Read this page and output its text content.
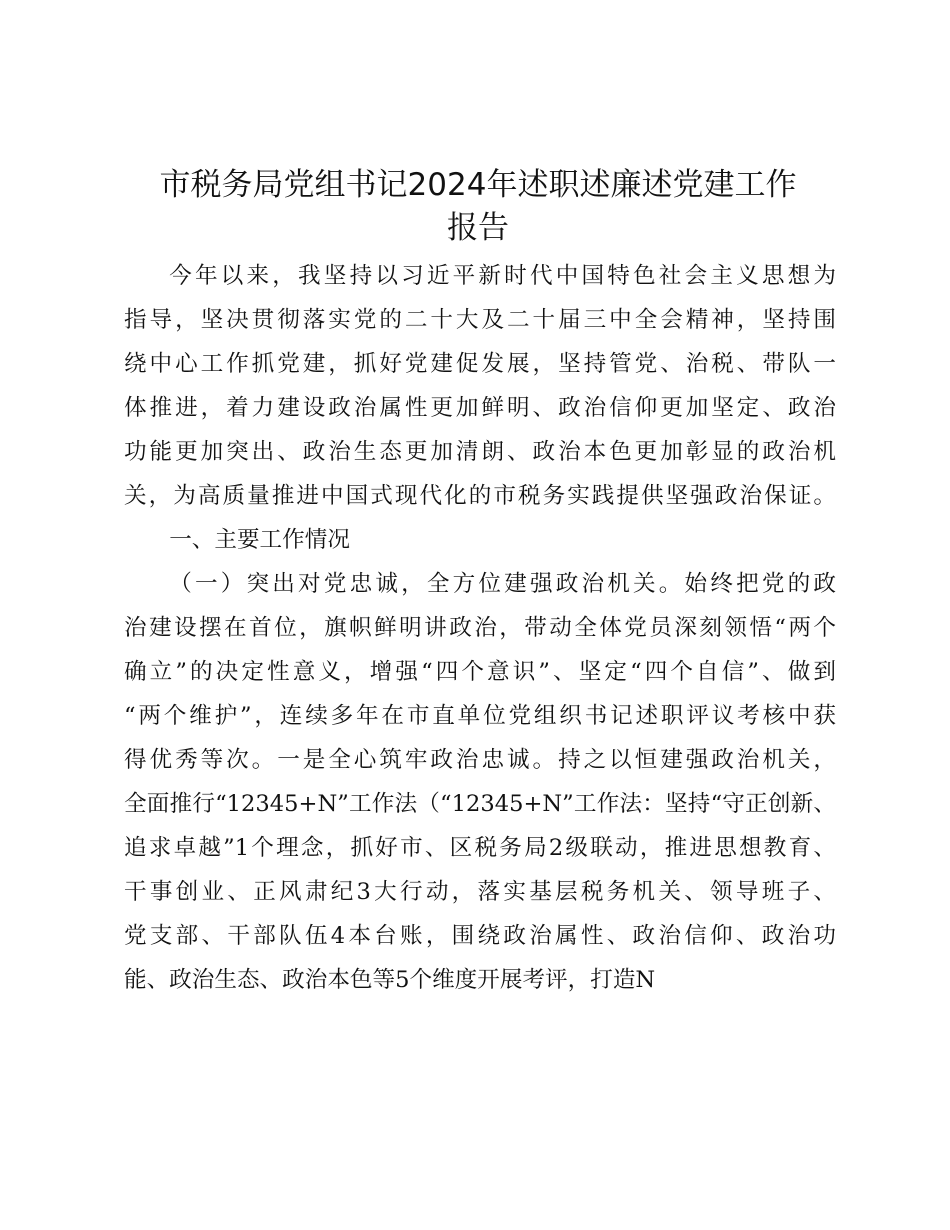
市税务局党组书记2024年述职述廉述党建工作
报告
今年以来，我坚持以习近平新时代中国特色社会主义思想为
指导，坚决贯彻落实党的二十大及二十届三中全会精神，坚持围
绕中心工作抓党建，抓好党建促发展，坚持管党、治税、带队一
体推进，着力建设政治属性更加鲜明、政治信仰更加坚定、政治
功能更加突出、政治生态更加清朗、政治本色更加彰显的政治机
关，为高质量推进中国式现代化的市税务实践提供坚强政治保证。
一、主要工作情况
（一）突出对党忠诚，全方位建强政治机关。始终把党的政
治建设摆在首位，旗帜鲜明讲政治，带动全体党员深刻领悟“两个
确立”的决定性意义，增强“四个意识”、坚定“四个自信”、做到
“两个维护”，连续多年在市直单位党组织书记述职评议考核中获
得优秀等次。一是全心筑牢政治忠诚。持之以恒建强政治机关，
全面推行“12345+N”工作法（“12345+N”工作法：坚持“守正创新、
追求卓越”1个理念，抓好市、区税务局2级联动，推进思想教育、
干事创业、正风肃纪3大行动，落实基层税务机关、领导班子、
党支部、干部队伍4本台账，围绕政治属性、政治信仰、政治功
能、政治生态、政治本色等5个维度开展考评，打造N
